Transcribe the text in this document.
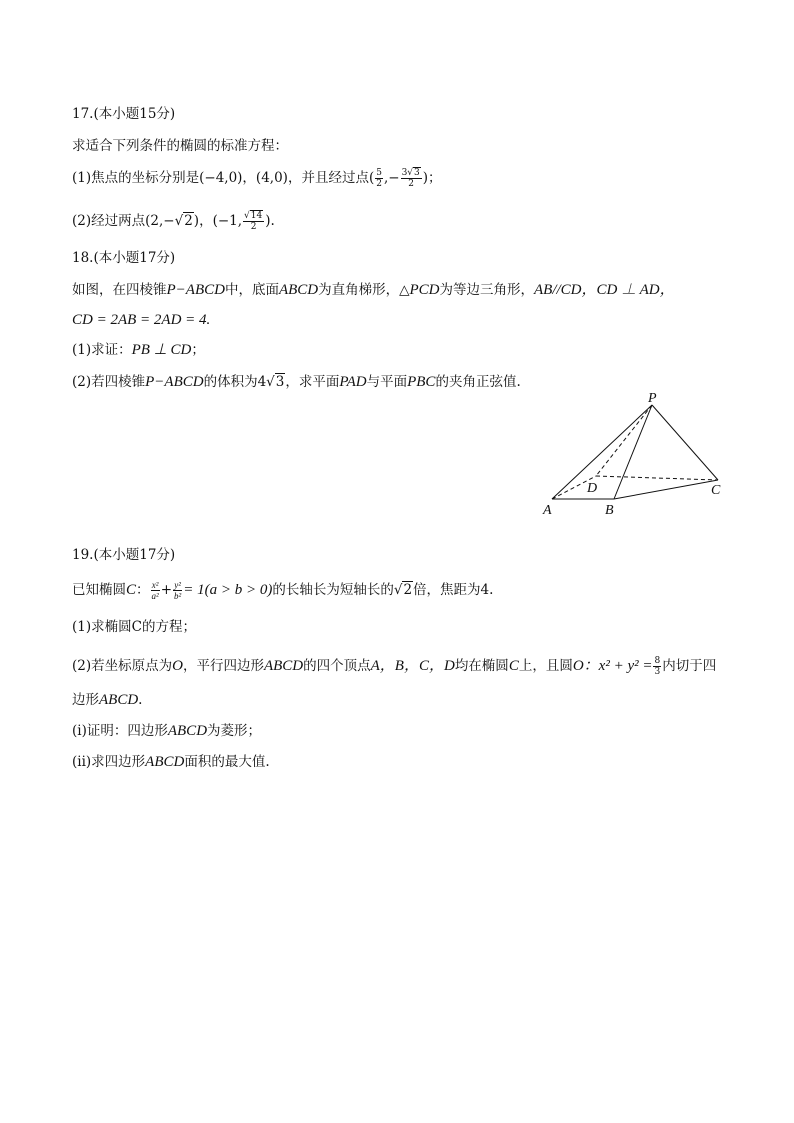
17.(本小题15分)
求适合下列条件的椭圆的标准方程：
(1)焦点的坐标分别是(−4,0)，(4,0)，并且经过点( $\frac{5}{2}$ ,− $\frac{3√3}{2}$ )；
(2)经过两点(2,−√2)，(−1, $\frac{√14}{2}$ ).
18.(本小题17分)
如图，在四棱锥P−ABCD中，底面ABCD为直角梯形，△PCD为等边三角形，AB//CD，CD ⊥ AD，
CD = 2AB = 2AD = 4.
(1)求证：PB ⊥ CD；
(2)若四棱锥P−ABCD的体积为4√3，求平面PAD与平面PBC的夹角正弦值.
P
A	B
C
D
19.(本小题17分)
已知椭圆C： $\frac{\text{x²}}{\text{a²}} + \frac{\text{y²}}{\text{b²}} = 1(a > b > 0)$的长轴长为短轴长的√2倍，焦距为4.
(1)求椭圆C的方程；
(2)若坐标原点为O，平行四边形ABCD的四个顶点A，B，C，D均在椭圆C上，且圆O：$x^2 + y^2 = \frac{8}{3}$ 内切于四
边形ABCD.
(i)证明：四边形ABCD为菱形；
(ii)求四边形ABCD面积的最大值.
